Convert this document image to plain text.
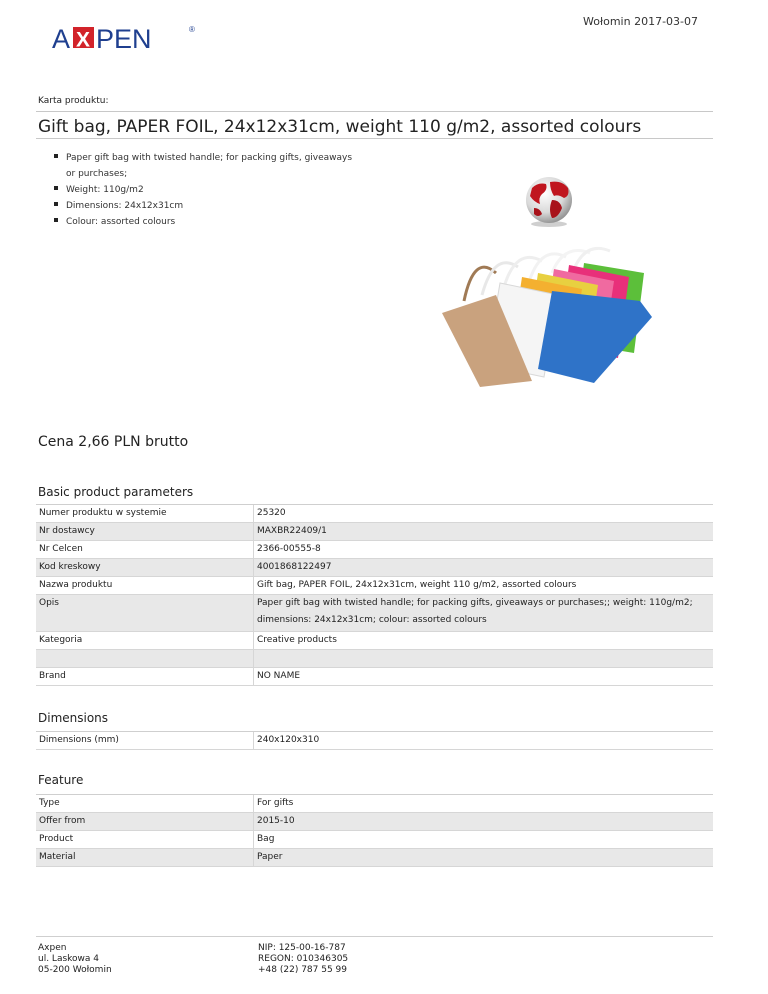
A X PEN	®
Wołomin 2017-03-07
Karta produktu:
Gift bag, PAPER FOIL, 24x12x31cm, weight 110 g/m2, assorted colours
Paper gift bag with twisted handle; for packing gifts, giveaways or purchases;
Weight: 110g/m2
Dimensions: 24x12x31cm
Colour: assorted colours
Cena 2,66 PLN brutto
Basic product parameters
Numer produktu w systemie	25320
Nr dostawcy	MAXBR22409/1
Nr Celcen	2366-00555-8
Kod kreskowy	4001868122497
Nazwa produktu	Gift bag, PAPER FOIL, 24x12x31cm, weight 110 g/m2, assorted colours
Opis	Paper gift bag with twisted handle; for packing gifts, giveaways or purchases;; weight: 110g/m2;
dimensions: 24x12x31cm; colour: assorted colours

Kategoria	Creative products

Brand	NO NAME
Dimensions
Dimensions (mm)	240x120x310
Feature
Type	For gifts
Offer from	2015-10
Product	Bag
Material	Paper
Axpen
ul. Laskowa 4
05-200 Wołomin
NIP: 125-00-16-787
REGON: 010346305
+48 (22) 787 55 99
